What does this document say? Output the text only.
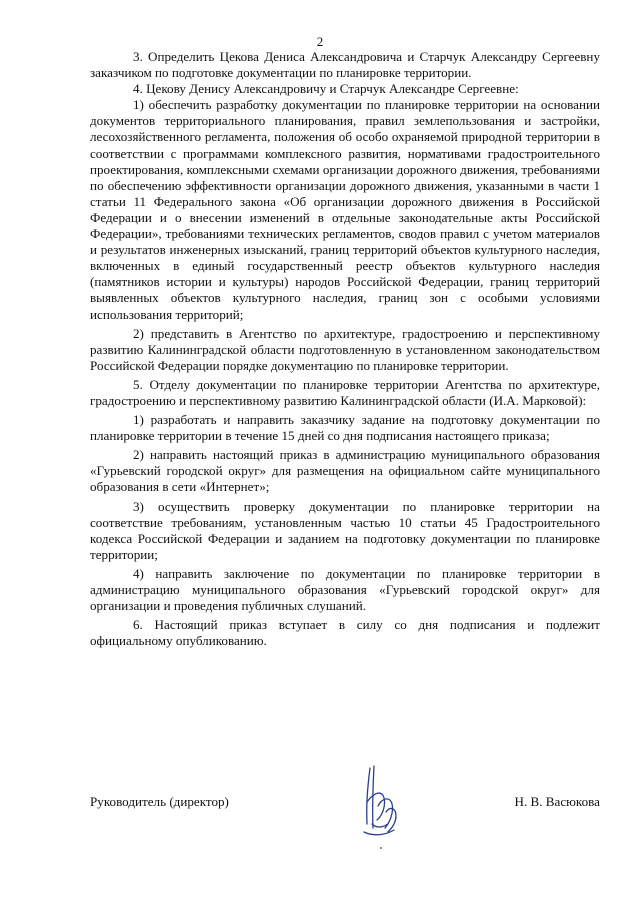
2

3. Определить Цекова Дениса Александровича и Старчук Александру Сергеевну заказчиком по подготовке документации по планировке территории.

4. Цекову Денису Александровичу и Старчук Александре Сергеевне:

1) обеспечить разработку документации по планировке территории на основании документов территориального планирования, правил землепользования и застройки, лесохозяйственного регламента, положения об особо охраняемой природной территории в соответствии с программами комплексного развития, нормативами градостроительного проектирования, комплексными схемами организации дорожного движения, требованиями по обеспечению эффективности организации дорожного движения, указанными в части 1 статьи 11 Федерального закона «Об организации дорожного движения в Российской Федерации и о внесении изменений в отдельные законодательные акты Российской Федерации», требованиями технических регламентов, сводов правил с учетом материалов и результатов инженерных изысканий, границ территорий объектов культурного наследия, включенных в единый государственный реестр объектов культурного наследия (памятников истории и культуры) народов Российской Федерации, границ территорий выявленных объектов культурного наследия, границ зон с особыми условиями использования территорий;

2) представить в Агентство по архитектуре, градостроению и перспективному развитию Калининградской области подготовленную в установленном законодательством Российской Федерации порядке документацию по планировке территории.

5. Отделу документации по планировке территории Агентства по архитектуре, градостроению и перспективному развитию Калининградской области (И.А. Марковой):

1) разработать и направить заказчику задание на подготовку документации по планировке территории в течение 15 дней со дня подписания настоящего приказа;

2) направить настоящий приказ в администрацию муниципального образования «Гурьевский городской округ» для размещения на официальном сайте муниципального образования в сети «Интернет»;

3) осуществить проверку документации по планировке территории на соответствие требованиям, установленным частью 10 статьи 45 Градостроительного кодекса Российской Федерации и заданием на подготовку документации по планировке территории;

4) направить заключение по документации по планировке территории в администрацию муниципального образования «Гурьевский городской округ» для организации и проведения публичных слушаний.

6. Настоящий приказ вступает в силу со дня подписания и подлежит официальному опубликованию.

Руководитель (директор)	Н. В. Васюкова
